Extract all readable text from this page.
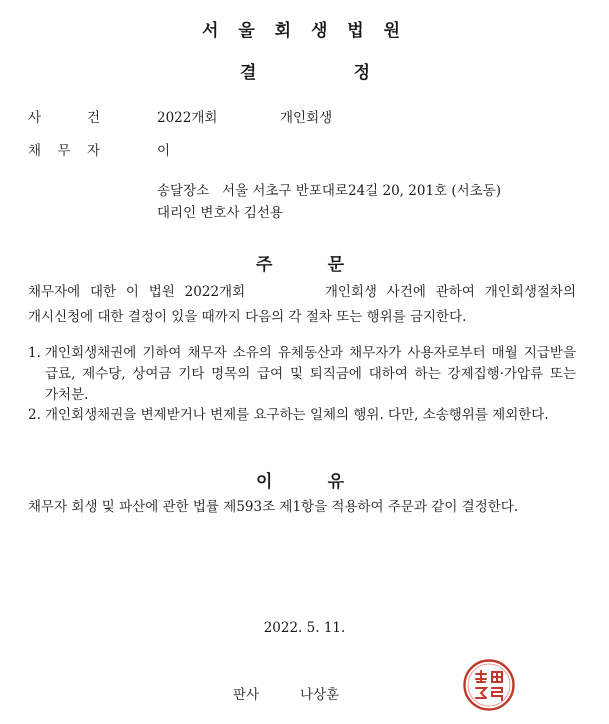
서 울 회 생 법 원
결	정
사	건	2022개회	개인회생
채 무 자	이
송달장소 서울 서초구 반포대로24길 20, 201호 (서초동)
대리인 변호사 김선용
주	문
채무자에 대한 이 법원 2022개회	개인회생 사건에 관하여 개인회생절차의 개시신청에 대한 결정이 있을 때까지 다음의 각 절차 또는 행위를 금지한다.
1. 개인회생채권에 기하여 채무자 소유의 유체동산과 채무자가 사용자로부터 매월 지급받을 급료, 제수당, 상여금 기타 명목의 급여 및 퇴직금에 대하여 하는 강제집행·가압류 또는 가처분.
2. 개인회생채권을 변제받거나 변제를 요구하는 일체의 행위. 다만, 소송행위를 제외한다.
이	유
채무자 회생 및 파산에 관한 법률 제593조 제1항을 적용하여 주문과 같이 결정한다.
2022. 5. 11.
판사	나상훈
